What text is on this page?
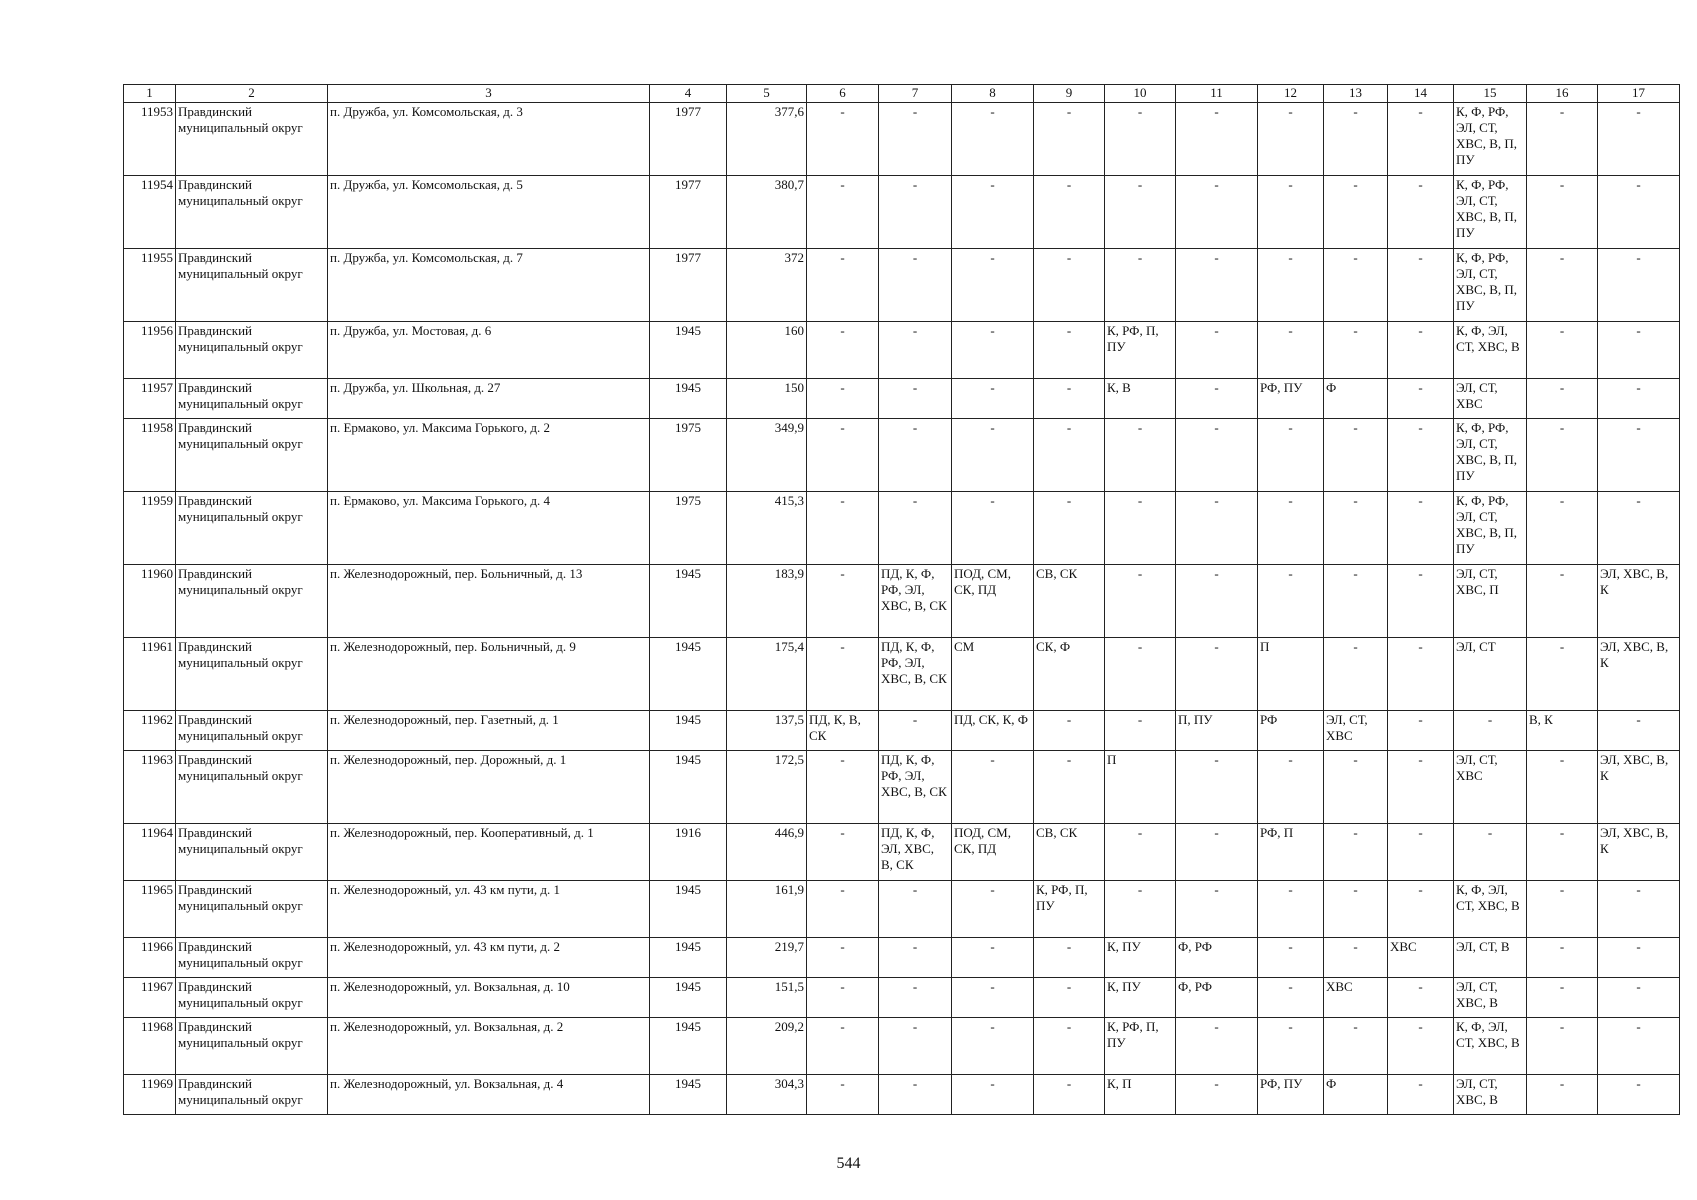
1	2	3	4	5	6	7	8	9	10	11	12	13	14	15	16	17
11953	Правдинский муниципальный округ	п. Дружба, ул. Комсомольская, д. 3	1977	377,6	-	-	-	-	-	-	-	-	-	К, Ф, РФ, ЭЛ, СТ, ХВС, В, П, ПУ	-	-
11954	Правдинский муниципальный округ	п. Дружба, ул. Комсомольская, д. 5	1977	380,7	-	-	-	-	-	-	-	-	-	К, Ф, РФ, ЭЛ, СТ, ХВС, В, П, ПУ	-	-
11955	Правдинский муниципальный округ	п. Дружба, ул. Комсомольская, д. 7	1977	372	-	-	-	-	-	-	-	-	-	К, Ф, РФ, ЭЛ, СТ, ХВС, В, П, ПУ	-	-
11956	Правдинский муниципальный округ	п. Дружба, ул. Мостовая, д. 6	1945	160	-	-	-	-	К, РФ, П, ПУ	-	-	-	-	К, Ф, ЭЛ, СТ, ХВС, В	-	-
11957	Правдинский муниципальный округ	п. Дружба, ул. Школьная, д. 27	1945	150	-	-	-	-	К, В	-	РФ, ПУ	Ф	-	ЭЛ, СТ, ХВС	-	-
11958	Правдинский муниципальный округ	п. Ермаково, ул. Максима Горького, д. 2	1975	349,9	-	-	-	-	-	-	-	-	-	К, Ф, РФ, ЭЛ, СТ, ХВС, В, П, ПУ	-	-
11959	Правдинский муниципальный округ	п. Ермаково, ул. Максима Горького, д. 4	1975	415,3	-	-	-	-	-	-	-	-	-	К, Ф, РФ, ЭЛ, СТ, ХВС, В, П, ПУ	-	-
11960	Правдинский муниципальный округ	п. Железнодорожный, пер. Больничный, д. 13	1945	183,9	-	ПД, К, Ф, РФ, ЭЛ, ХВС, В, СК	ПОД, СМ, СК, ПД	СВ, СК	-	-	-	-	-	ЭЛ, СТ, ХВС, П	-	ЭЛ, ХВС, В, К
11961	Правдинский муниципальный округ	п. Железнодорожный, пер. Больничный, д. 9	1945	175,4	-	ПД, К, Ф, РФ, ЭЛ, ХВС, В, СК	СМ	СК, Ф	-	-	П	-	-	ЭЛ, СТ	-	ЭЛ, ХВС, В, К
11962	Правдинский муниципальный округ	п. Железнодорожный, пер. Газетный, д. 1	1945	137,5	ПД, К, В, СК	-	ПД, СК, К, Ф	-	-	П, ПУ	РФ	ЭЛ, СТ, ХВС	-	-	В, К	-
11963	Правдинский муниципальный округ	п. Железнодорожный, пер. Дорожный, д. 1	1945	172,5	-	ПД, К, Ф, РФ, ЭЛ, ХВС, В, СК	-	-	П	-	-	-	-	ЭЛ, СТ, ХВС	-	ЭЛ, ХВС, В, К
11964	Правдинский муниципальный округ	п. Железнодорожный, пер. Кооперативный, д. 1	1916	446,9	-	ПД, К, Ф, ЭЛ, ХВС, В, СК	ПОД, СМ, СК, ПД	СВ, СК	-	-	РФ, П	-	-	-	-	ЭЛ, ХВС, В, К
11965	Правдинский муниципальный округ	п. Железнодорожный, ул. 43 км пути, д. 1	1945	161,9	-	-	-	К, РФ, П, ПУ	-	-	-	-	-	К, Ф, ЭЛ, СТ, ХВС, В	-	-
11966	Правдинский муниципальный округ	п. Железнодорожный, ул. 43 км пути, д. 2	1945	219,7	-	-	-	-	К, ПУ	Ф, РФ	-	-	ХВС	ЭЛ, СТ, В	-	-
11967	Правдинский муниципальный округ	п. Железнодорожный, ул. Вокзальная, д. 10	1945	151,5	-	-	-	-	К, ПУ	Ф, РФ	-	ХВС	-	ЭЛ, СТ, ХВС, В	-	-
11968	Правдинский муниципальный округ	п. Железнодорожный, ул. Вокзальная, д. 2	1945	209,2	-	-	-	-	К, РФ, П, ПУ	-	-	-	-	К, Ф, ЭЛ, СТ, ХВС, В	-	-
11969	Правдинский муниципальный округ	п. Железнодорожный, ул. Вокзальная, д. 4	1945	304,3	-	-	-	-	К, П	-	РФ, ПУ	Ф	-	ЭЛ, СТ, ХВС, В	-	-
544
